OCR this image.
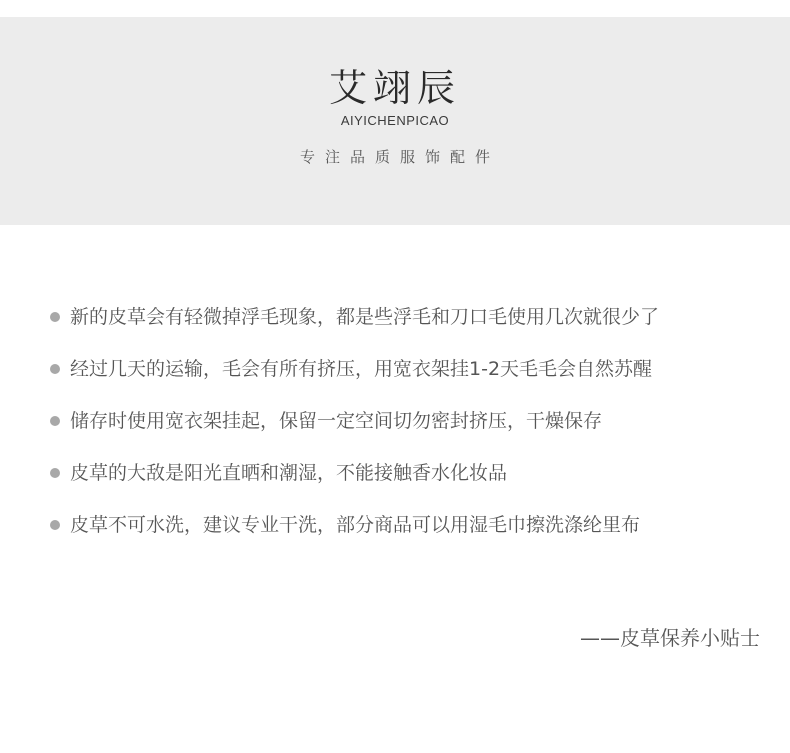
艾翊辰
AIYICHENPICAO
专注品质服饰配件
新的皮草会有轻微掉浮毛现象，都是些浮毛和刀口毛使用几次就很少了
经过几天的运输，毛会有所有挤压，用宽衣架挂1-2天毛毛会自然苏醒
储存时使用宽衣架挂起，保留一定空间切勿密封挤压，干燥保存
皮草的大敌是阳光直晒和潮湿，不能接触香水化妆品
皮草不可水洗，建议专业干洗，部分商品可以用湿毛巾擦洗涤纶里布
——皮草保养小贴士
